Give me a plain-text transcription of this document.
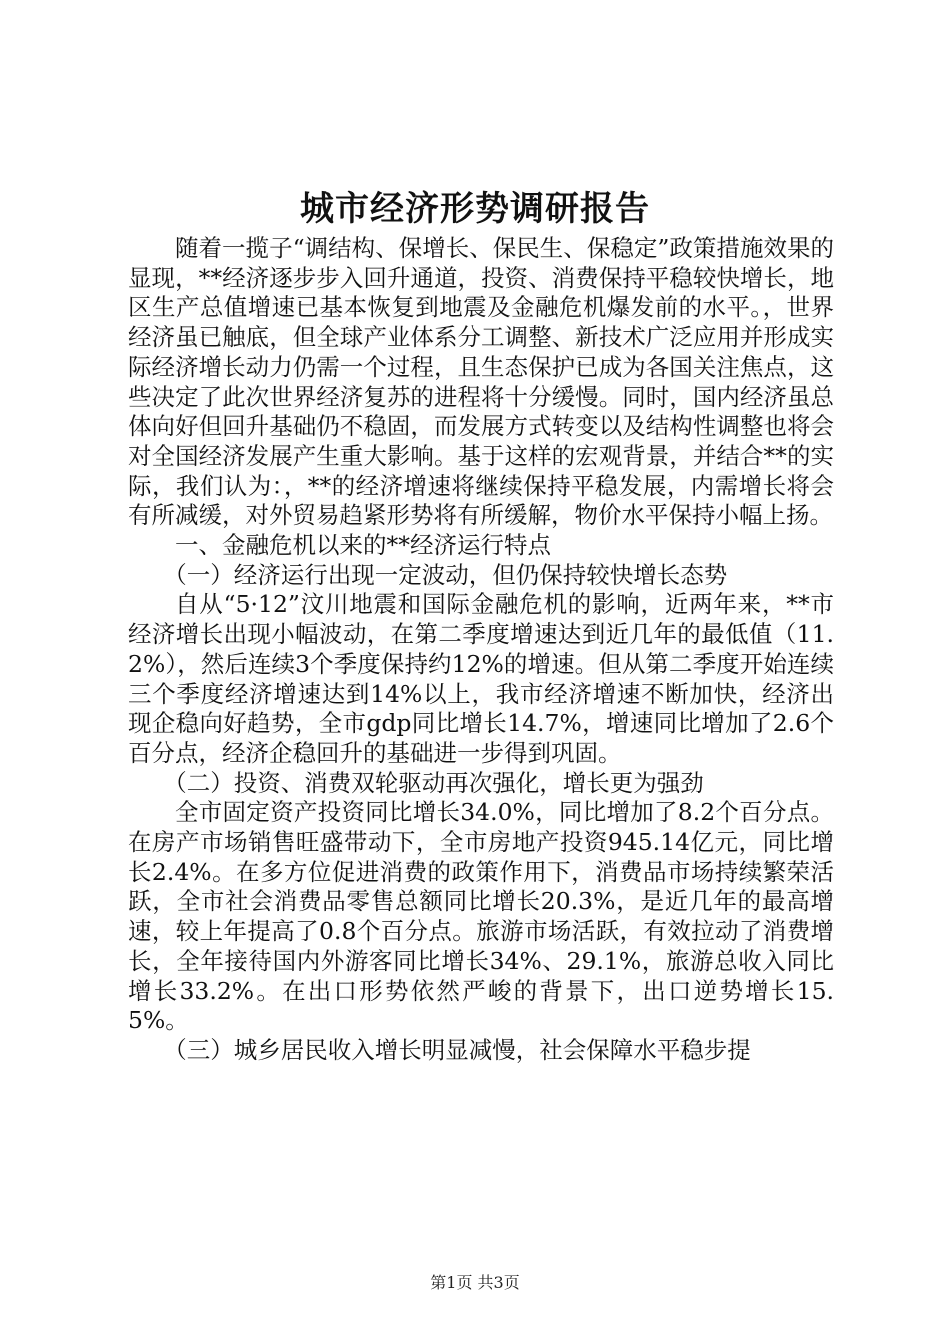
城市经济形势调研报告

随着一揽子“调结构、保增长、保民生、保稳定”政策措施效果的显现，**经济逐步步入回升通道，投资、消费保持平稳较快增长，地区生产总值增速已基本恢复到地震及金融危机爆发前的水平。，世界经济虽已触底，但全球产业体系分工调整、新技术广泛应用并形成实际经济增长动力仍需一个过程，且生态保护已成为各国关注焦点，这些决定了此次世界经济复苏的进程将十分缓慢。同时，国内经济虽总体向好但回升基础仍不稳固，而发展方式转变以及结构性调整也将会对全国经济发展产生重大影响。基于这样的宏观背景，并结合**的实际，我们认为：，**的经济增速将继续保持平稳发展，内需增长将会有所减缓，对外贸易趋紧形势将有所缓解，物价水平保持小幅上扬。

一、金融危机以来的**经济运行特点

（一）经济运行出现一定波动，但仍保持较快增长态势

自从“5·12”汶川地震和国际金融危机的影响，近两年来，**市经济增长出现小幅波动，在第二季度增速达到近几年的最低值（11.2%），然后连续3个季度保持约12%的增速。但从第二季度开始连续三个季度经济增速达到14%以上，我市经济增速不断加快，经济出现企稳向好趋势，全市gdp同比增长14.7%，增速同比增加了2.6个百分点，经济企稳回升的基础进一步得到巩固。

（二）投资、消费双轮驱动再次强化，增长更为强劲

全市固定资产投资同比增长34.0%，同比增加了8.2个百分点。在房产市场销售旺盛带动下，全市房地产投资945.14亿元，同比增长2.4%。在多方位促进消费的政策作用下，消费品市场持续繁荣活跃，全市社会消费品零售总额同比增长20.3%，是近几年的最高增速，较上年提高了0.8个百分点。旅游市场活跃，有效拉动了消费增长，全年接待国内外游客同比增长34%、29.1%，旅游总收入同比增长33.2%。在出口形势依然严峻的背景下，出口逆势增长15.5%。

（三）城乡居民收入增长明显减慢，社会保障水平稳步提

第1页 共3页
